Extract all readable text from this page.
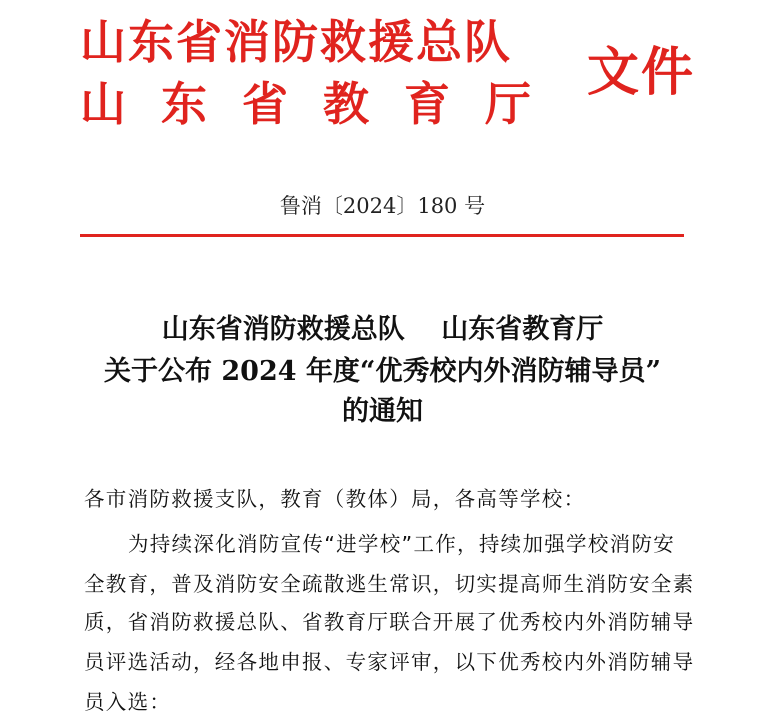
山东省消防救援总队
山东省教育厅
文件
鲁消〔2024〕180 号
山东省消防救援总队　 山东省教育厅
关于公布 2024 年度“优秀校内外消防辅导员”
的通知
各市消防救援支队，教育（教体）局，各高等学校：
为持续深化消防宣传“进学校”工作，持续加强学校消防安
全教育，普及消防安全疏散逃生常识，切实提高师生消防安全素
质，省消防救援总队、省教育厅联合开展了优秀校内外消防辅导
员评选活动，经各地申报、专家评审，以下优秀校内外消防辅导
员入选：
